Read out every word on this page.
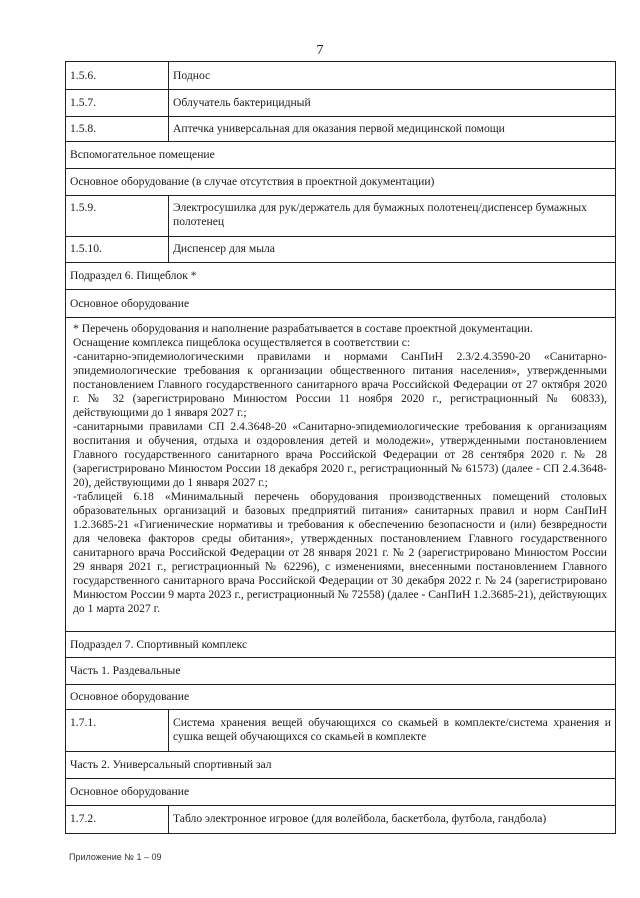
7
1.5.6.	Поднос
1.5.7.	Облучатель бактерицидный
1.5.8.	Аптечка универсальная для оказания первой медицинской помощи
Вспомогательное помещение
Основное оборудование (в случае отсутствия в проектной документации)
1.5.9.	Электросушилка для рук/держатель для бумажных полотенец/диспенсер бумажных полотенец
1.5.10.	Диспенсер для мыла
Подраздел 6. Пищеблок *
Основное оборудование

* Перечень оборудования и наполнение разрабатывается в составе проектной документации.

Оснащение комплекса пищеблока осуществляется в соответствии с:

-санитарно-эпидемиологическими правилами и нормами СанПиН 2.3/2.4.3590-20 «Санитарно-эпидемиологические требования к организации общественного питания населения», утвержденными постановлением Главного государственного санитарного врача Российской Федерации от 27 октября 2020 г. № 32 (зарегистрировано Минюстом России 11 ноября 2020 г., регистрационный № 60833), действующими до 1 января 2027 г.;

-санитарными правилами СП 2.4.3648-20 «Санитарно-эпидемиологические требования к организациям воспитания и обучения, отдыха и оздоровления детей и молодежи», утвержденными постановлением Главного государственного санитарного врача Российской Федерации от 28 сентября 2020 г. № 28 (зарегистрировано Минюстом России 18 декабря 2020 г., регистрационный № 61573) (далее - СП 2.4.3648-20), действующими до 1 января 2027 г.;

-таблицей 6.18 «Минимальный перечень оборудования производственных помещений столовых образовательных организаций и базовых предприятий питания» санитарных правил и норм СанПиН 1.2.3685-21 «Гигиенические нормативы и требования к обеспечению безопасности и (или) безвредности для человека факторов среды обитания», утвержденных постановлением Главного государственного санитарного врача Российской Федерации от 28 января 2021 г. № 2 (зарегистрировано Минюстом России 29 января 2021 г., регистрационный № 62296), с изменениями, внесенными постановлением Главного государственного санитарного врача Российской Федерации от 30 декабря 2022 г. № 24 (зарегистрировано Минюстом России 9 марта 2023 г., регистрационный № 72558) (далее - СанПиН 1.2.3685-21), действующих до 1 марта 2027 г.

Подраздел 7. Спортивный комплекс
Часть 1. Раздевальные
Основное оборудование
1.7.1.	Система хранения вещей обучающихся со скамьей в комплекте/система хранения и сушка вещей обучающихся со скамьей в комплекте
Часть 2. Универсальный спортивный зал
Основное оборудование
1.7.2.	Табло электронное игровое (для волейбола, баскетбола, футбола, гандбола)
Приложение № 1 – 09
